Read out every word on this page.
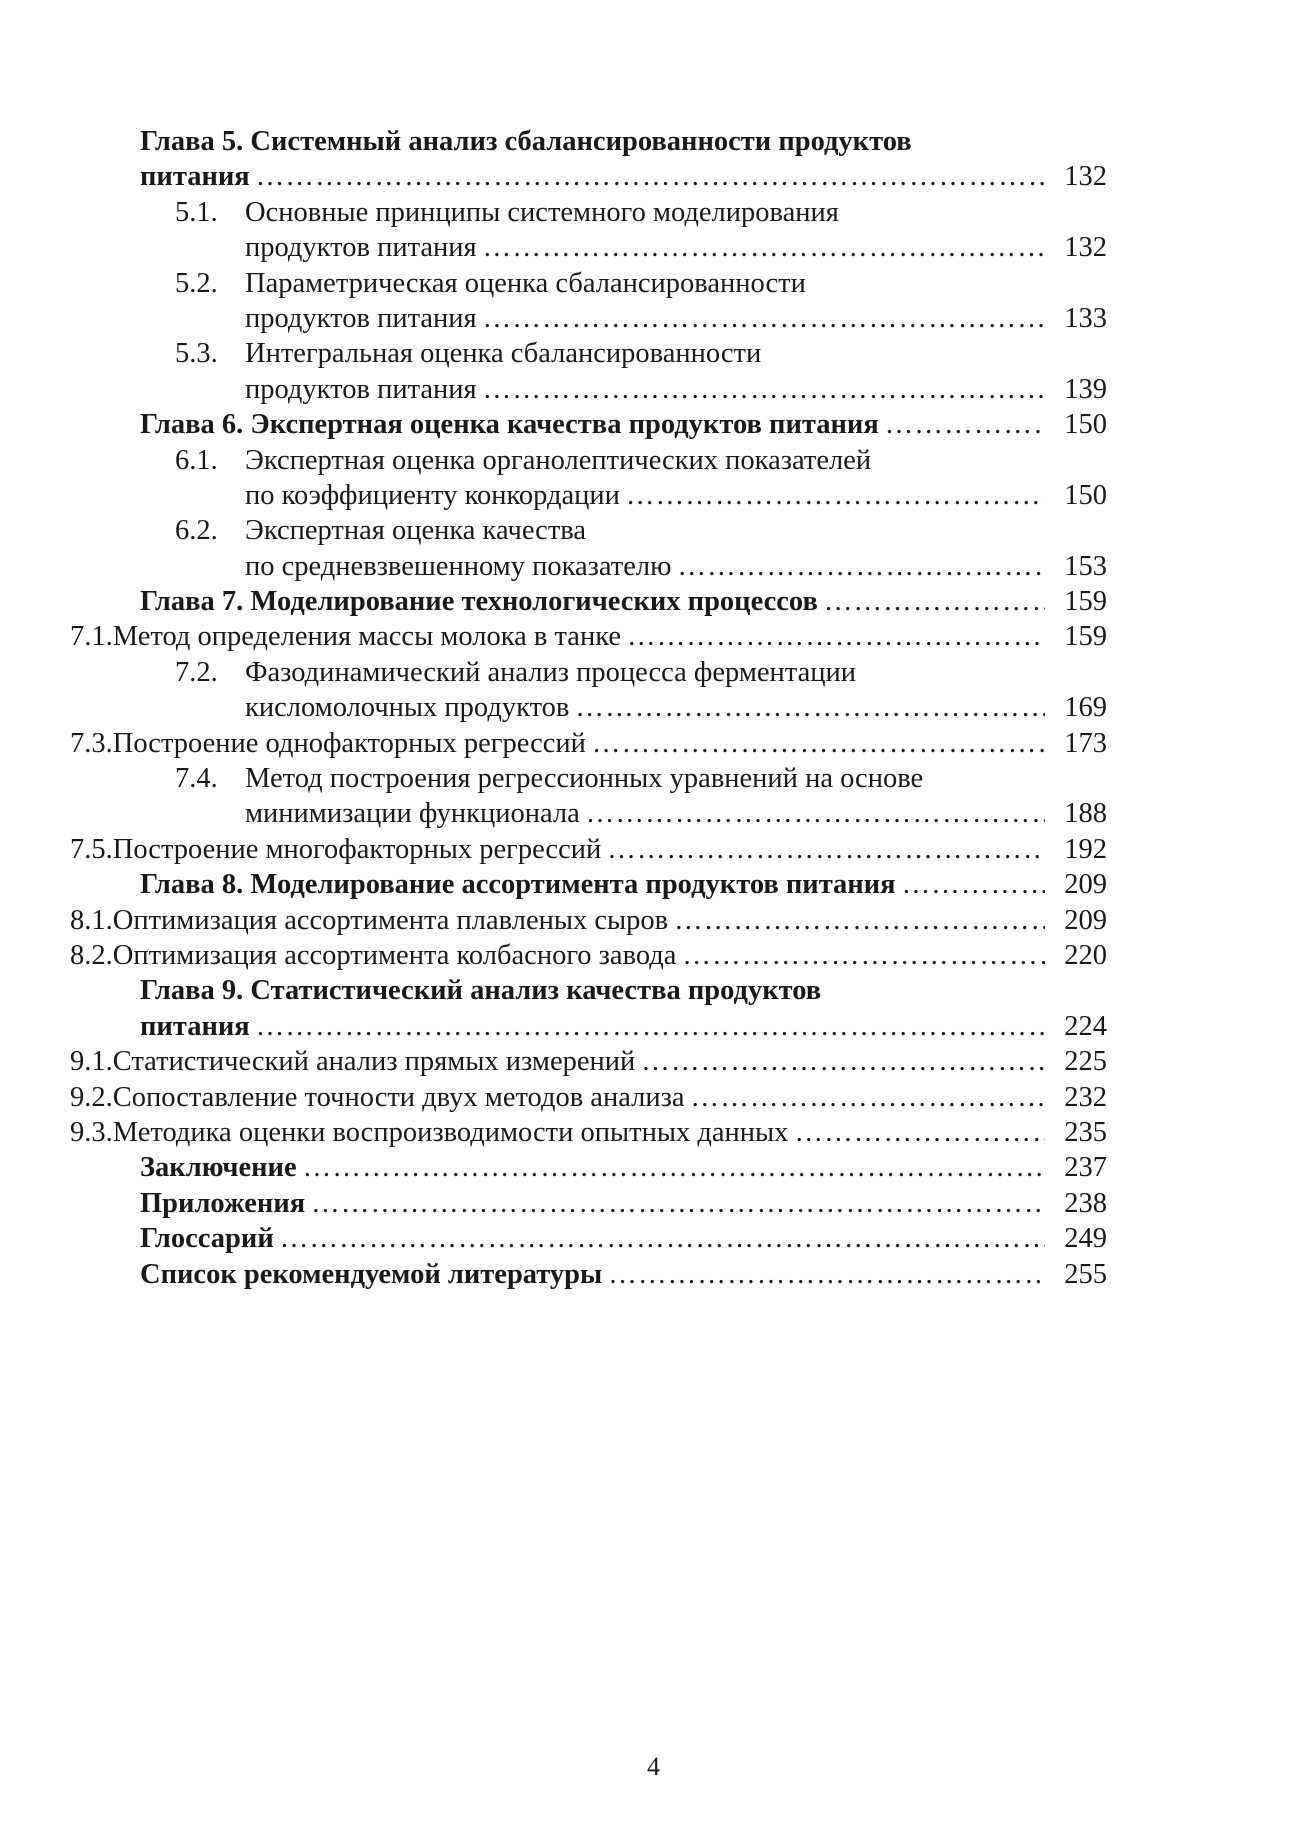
Глава 5. Системный анализ сбалансированности продуктов
питания ………………………………………………………………………………………………………………………………………………………………………………	132
5.1. Основные принципы системного моделирования
продуктов питания ………………………………………………………………………………………………………………………………………………………………………………	132
5.2. Параметрическая оценка сбалансированности
продуктов питания ………………………………………………………………………………………………………………………………………………………………………………	133
5.3. Интегральная оценка сбалансированности
продуктов питания ………………………………………………………………………………………………………………………………………………………………………………	139
Глава 6. Экспертная оценка качества продуктов питания ………………………………………………………………………………………………………………………………………………………………………………	150
6.1. Экспертная оценка органолептических показателей
по коэффициенту конкордации ………………………………………………………………………………………………………………………………………………………………………………	150
6.2. Экспертная оценка качества
по средневзвешенному показателю ………………………………………………………………………………………………………………………………………………………………………………	153
Глава 7. Моделирование технологических процессов ………………………………………………………………………………………………………………………………………………………………………………	159
7.1. Метод определения массы молока в танке ………………………………………………………………………………………………………………………………………………………………………………	159
7.2. Фазодинамический анализ процесса ферментации
кисломолочных продуктов ………………………………………………………………………………………………………………………………………………………………………………	169
7.3. Построение однофакторных регрессий ………………………………………………………………………………………………………………………………………………………………………………	173
7.4. Метод построения регрессионных уравнений на основе
минимизации функционала ………………………………………………………………………………………………………………………………………………………………………………	188
7.5. Построение многофакторных регрессий ………………………………………………………………………………………………………………………………………………………………………………	192
Глава 8. Моделирование ассортимента продуктов питания ………………………………………………………………………………………………………………………………………………………………………………	209
8.1. Оптимизация ассортимента плавленых сыров ………………………………………………………………………………………………………………………………………………………………………………	209
8.2. Оптимизация ассортимента колбасного завода ………………………………………………………………………………………………………………………………………………………………………………	220
Глава 9. Статистический анализ качества продуктов
питания ………………………………………………………………………………………………………………………………………………………………………………	224
9.1. Статистический анализ прямых измерений ………………………………………………………………………………………………………………………………………………………………………………	225
9.2. Сопоставление точности двух методов анализа ………………………………………………………………………………………………………………………………………………………………………………	232
9.3. Методика оценки воспроизводимости опытных данных ………………………………………………………………………………………………………………………………………………………………………………	235
Заключение ………………………………………………………………………………………………………………………………………………………………………………	237
Приложения ………………………………………………………………………………………………………………………………………………………………………………	238
Глоссарий ………………………………………………………………………………………………………………………………………………………………………………	249
Список рекомендуемой литературы ………………………………………………………………………………………………………………………………………………………………………………	255
4
